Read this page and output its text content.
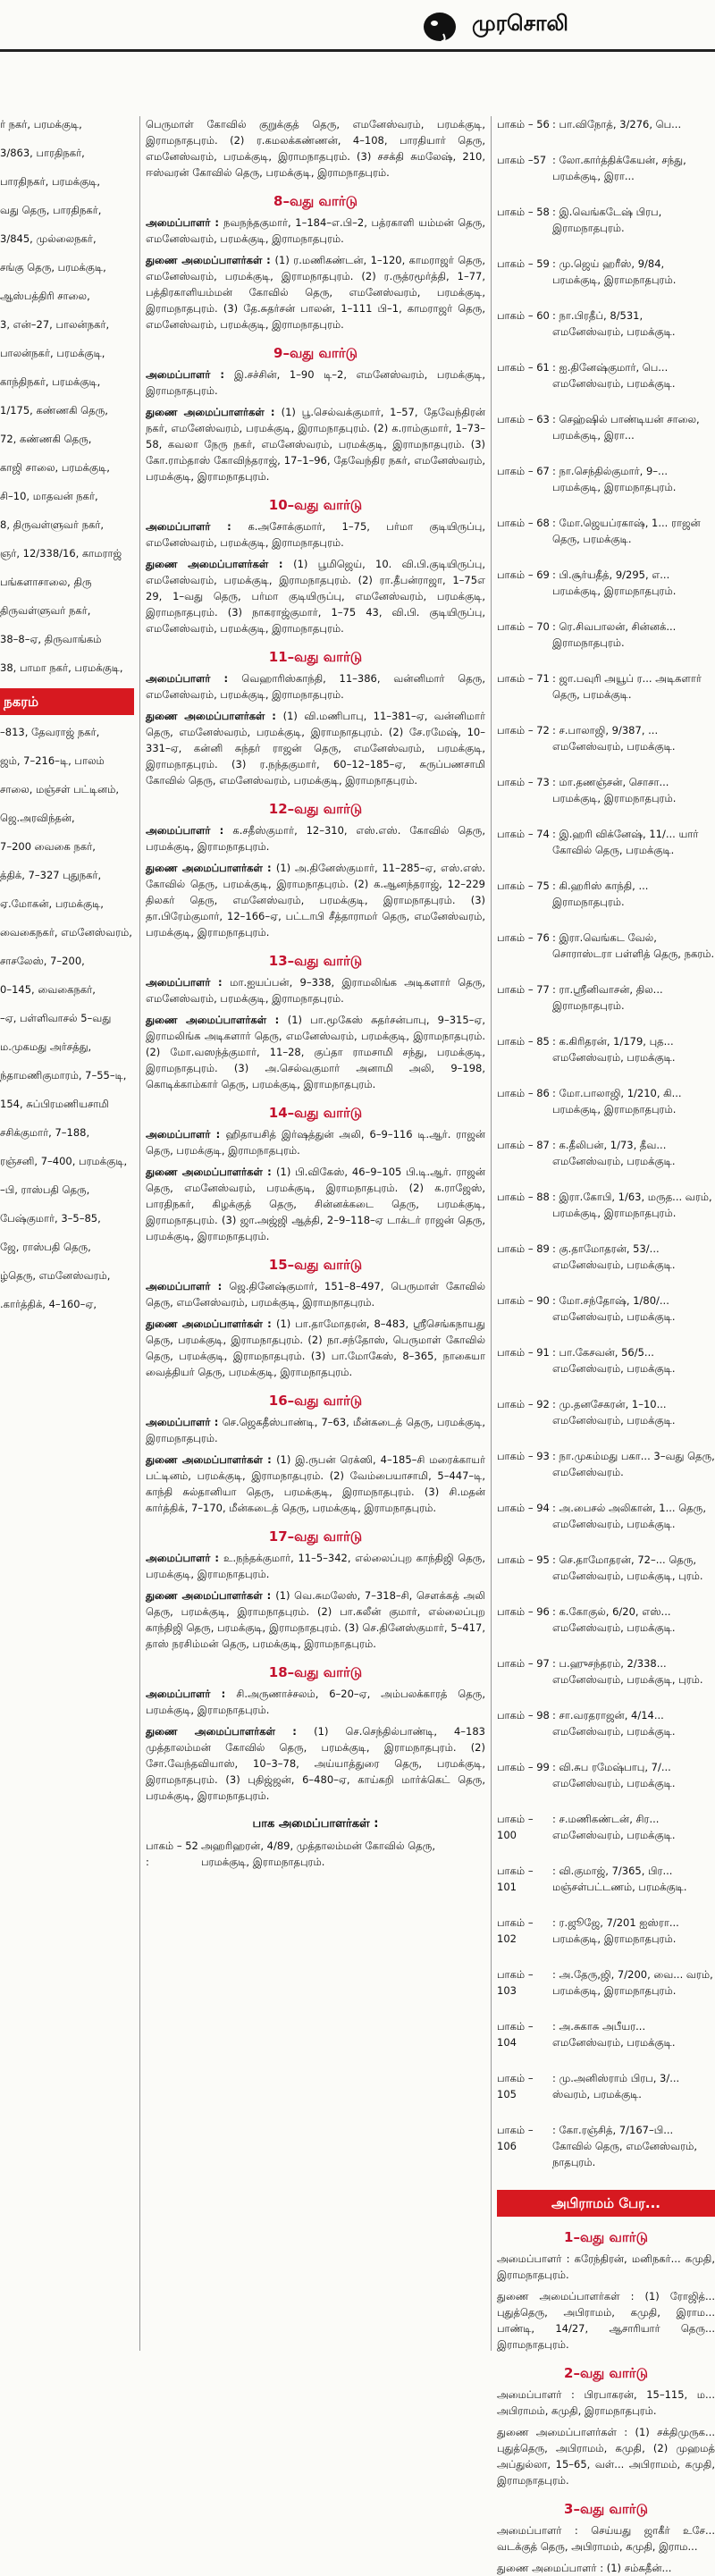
முரசொலி
ர் நகர், பரமக்குடி,
3/863, பாரதிநகர்,
பாரதிநகர், பரமக்குடி,
வது தெரு, பாரதிநகர்,
3/845, முல்லைநகர்,
சங்கு தெரு, பரமக்குடி,
ஆஸ்பத்திரி சாலை,
3, என்–27, பாலன்நகர்,
பாலன்நகர், பரமக்குடி,
காந்திநகர், பரமக்குடி,
1/175, கண்ணகி தெரு,
72, கண்ணகி தெரு,
காஜி சாலை, பரமக்குடி,
சி–10, மாதவன் நகர்,
8, திருவள்ளுவர் நகர்,
ஞர், 12/338/16, காமராஜ்
பங்களாசாலை, திரு
திருவள்ளுவர் நகர்,
38–8–ஏ, திருவாங்கம்
38, பாமா நகர், பரமக்குடி,
நகரம்
–813, தேவராஜ் நகர்,
ஜம், 7–216–டி, பாலம்
சாலை, மஞ்சள் பட்டினம்,
ஜெ.அரவிந்தன்,
7–200 வைகை நகர்,
த்திக், 7–327 புதுநகர்,
ஏ.மோகன், பரமக்குடி,
வைகைநகர், எமனேஸ்வரம்,
சாசலேஸ், 7–200,
0–145, வைகைநகர்,
–ஏ, பள்ளிவாசல் 5–வது
ம.முகமது அர்சத்து,
ந்தாமணிகுமாரம், 7–55–டி,
154, சுப்பிரமணியசாமி
சசிக்குமார், 7–188,
ரஞ்சனி, 7–400, பரமக்குடி,
–பி, ராஸ்பதி தெரு,
பேஷ்குமார், 3–5–85,
ஜே, ராஸ்பதி தெரு,
ழ்தெரு, எமனேஸ்வரம்,
.கார்த்திக், 4–160–ஏ,

பெருமாள் கோவில் குறுக்குத் தெரு, எமனேஸ்வரம், பரமக்குடி, இராமநாதபுரம். (2) ர.கமலக்கண்ணன், 4–108, பாரதியார் தெரு, எமனேஸ்வரம், பரமக்குடி, இராமநாதபுரம். (3) சசக்தி சுமலேஷ், 210, ஈஸ்வரன் கோவில் தெரு, பரமக்குடி, இராமநாதபுரம்.

8–வது வார்டு

அமைப்பாளர் : நவநந்தகுமார், 1–184–எ.பி–2, பத்ரகாளி யம்மன் தெரு, எமனேஸ்வரம், பரமக்குடி, இராமநாதபுரம்.

துணை அமைப்பாளர்கள் : (1) ர.மணிகண்டன், 1–120, காமராஜர் தெரு, எமனேஸ்வரம், பரமக்குடி, இராமநாதபுரம். (2) ர.ருத்ரமூர்த்தி, 1–77, பத்திரகாளியம்மன் கோவில் தெரு, எமனேஸ்வரம், பரமக்குடி, இராமநாதபுரம். (3) தே.சுதர்சன் பாலன், 1–111 பி–1, காமராஜர் தெரு, எமனேஸ்வரம், பரமக்குடி, இராமநாதபுரம்.

9–வது வார்டு

அமைப்பாளர் : இ.சச்சின், 1–90 டி–2, எமனேஸ்வரம், பரமக்குடி, இராமநாதபுரம்.

துணை அமைப்பாளர்கள் : (1) பூ.செல்வக்குமார், 1–57, தேவேந்திரன் நகர், எமனேஸ்வரம், பரமக்குடி, இராமநாதபுரம். (2) க.ராம்குமார், 1–73–58, கவலா நேரு நகர், எமனேஸ்வரம், பரமக்குடி, இராமநாதபுரம். (3) கோ.ராம்தாஸ் கோவிந்தராஜ், 17–1–96, தேவேந்திர நகர், எமனேஸ்வரம், பரமக்குடி, இராமநாதபுரம்.

10–வது வார்டு

அமைப்பாளர் : க.அசோக்குமார், 1–75, பர்மா குடியிருப்பு, எமனேஸ்வரம், பரமக்குடி, இராமநாதபுரம்.

துணை அமைப்பாளர்கள் : (1) பூமிஜெய், 10. வி.பி.குடியிருப்பு, எமனேஸ்வரம், பரமக்குடி, இராமநாதபுரம். (2) ரா.தீபன்ராஜா, 1–75எ 29, 1–வது தெரு, பர்மா குடியிருப்பு, எமனேஸ்வரம், பரமக்குடி, இராமநாதபுரம். (3) நாகராஜ்குமார், 1–75 43, வி.பி. குடியிருப்பு, எமனேஸ்வரம், பரமக்குடி, இராமநாதபுரம்.

11–வது வார்டு

அமைப்பாளர் : வெஹாரிஸ்காந்தி, 11–386, வன்னிமார் தெரு, எமனேஸ்வரம், பரமக்குடி, இராமநாதபுரம்.

துணை அமைப்பாளர்கள் : (1) வி.மணிபாபு, 11–381–ஏ, வன்னிமார் தெரு, எமனேஸ்வரம், பரமக்குடி, இராமநாதபுரம். (2) சே.ரமேஷ், 10–331–ஏ, கன்னி சுந்தர் ராஜன் தெரு, எமனேஸ்வரம், பரமக்குடி, இராமநாதபுரம். (3) ர.நந்தகுமார், 60–12–185–ஏ, சுருப்பணசாமி கோவில் தெரு, எமனேஸ்வரம், பரமக்குடி, இராமநாதபுரம்.

12–வது வார்டு

அமைப்பாளர் : க.சதீஸ்குமார், 12–310, எஸ்.எஸ். கோவில் தெரு, பரமக்குடி, இராமநாதபுரம்.

துணை அமைப்பாளர்கள் : (1) அ.தினேஸ்குமார், 11–285–ஏ, எஸ்.எஸ். கோவில் தெரு, பரமக்குடி, இராமநாதபுரம். (2) க.ஆனந்தராஜ், 12–229 திலகர் தெரு, எமனேஸ்வரம், பரமக்குடி, இராமநாதபுரம். (3) தா.பிரேம்குமார், 12–166–ஏ, பட்டாபி சீத்தாராமர் தெரு, எமனேஸ்வரம், பரமக்குடி, இராமநாதபுரம்.

13–வது வார்டு

அமைப்பாளர் : மா.ஐயப்பன், 9–338, இராமலிங்க அடிகளார் தெரு, எமனேஸ்வரம், பரமக்குடி, இராமநாதபுரம்.

துணை அமைப்பாளர்கள் : (1) பா.மூகேஸ் சுதர்சன்பாபு, 9–315–ஏ, இராமலிங்க அடிகளார் தெரு, எமனேஸ்வரம், பரமக்குடி, இராமநாதபுரம். (2) மோ.வஸந்த்குமார், 11–28, குப்தா ராமசாமி சந்து, பரமக்குடி, இராமநாதபுரம். (3) அ.செல்வகுமார் அனாமி அலி, 9–198, கொடிக்காம்கார் தெரு, பரமக்குடி, இராமநாதபுரம்.

14–வது வார்டு

அமைப்பாளர் : ஹிதாயசித் இர்ஷத்துன் அலி, 6–9–116 டி.ஆர். ராஜன் தெரு, பரமக்குடி, இராமநாதபுரம்.

துணை அமைப்பாளர்கள் : (1) பி.விகேஸ், 46–9–105 பி.டி.ஆர். ராஜன் தெரு, எமனேஸ்வரம், பரமக்குடி, இராமநாதபுரம். (2) க.ராஜேஸ், பாரதிநகர், கிழக்குத் தெரு, சின்னக்கடை தெரு, பரமக்குடி, இராமநாதபுரம். (3) ஜா.அஜ்ஜி ஆத்தி, 2–9–118–ஏ டாக்டர் ராஜன் தெரு, பரமக்குடி, இராமநாதபுரம்.

15–வது வார்டு

அமைப்பாளர் : ஜெ.தினேஷ்குமார், 151–8–497, பெருமாள் கோவில் தெரு, எமனேஸ்வரம், பரமக்குடி, இராமநாதபுரம்.

துணை அமைப்பாளர்கள் : (1) பா.தாமோதரன், 8–483, ஸ்ரீசெங்கநாயது தெரு, பரமக்குடி, இராமநாதபுரம். (2) நா.சந்தோஸ், பெருமாள் கோவில் தெரு, பரமக்குடி, இராமநாதபுரம். (3) பா.மோகேஸ், 8–365, நாகையா வைத்தியர் தெரு, பரமக்குடி, இராமநாதபுரம்.

16–வது வார்டு

அமைப்பாளர் : செ.ஜெகதீஸ்பாண்டி, 7–63, மீன்கடைத் தெரு, பரமக்குடி, இராமநாதபுரம்.

துணை அமைப்பாளர்கள் : (1) இ.ருபன் ரெக்ஸி, 4–185–சி மரைக்காயர் பட்டினம், பரமக்குடி, இராமநாதபுரம். (2) வேம்பையாசாமி, 5–447–டி, காந்தி சுல்தானியா தெரு, பரமக்குடி, இராமநாதபுரம். (3) சி.மதன் கார்த்திக், 7–170, மீன்கடைத் தெரு, பரமக்குடி, இராமநாதபுரம்.

17–வது வார்டு

அமைப்பாளர் : உ.நந்தக்குமார், 11–5–342, எல்லைப்புற காந்திஜி தெரு, பரமக்குடி, இராமநாதபுரம்.

துணை அமைப்பாளர்கள் : (1) வெ.சுமலேஸ், 7–318–சி, சௌக்கத் அலி தெரு, பரமக்குடி, இராமநாதபுரம். (2) பா.கலீன் குமார், எல்லைப்புற காந்திஜி தெரு, பரமக்குடி, இராமநாதபுரம். (3) செ.தினேஸ்குமார், 5–417, தாஸ் நரசிம்மன் தெரு, பரமக்குடி, இராமநாதபுரம்.

18–வது வார்டு

அமைப்பாளர் : சி.அருணாச்சலம், 6–20–ஏ, அம்பலக்காரத் தெரு, பரமக்குடி, இராமநாதபுரம்.

துணை அமைப்பாளர்கள் : (1) செ.செந்தில்பாண்டி, 4–183 முத்தாலம்மன் கோவில் தெரு, பரமக்குடி, இராமநாதபுரம். (2) சோ.வேந்தவியாஸ், 10–3–78, அய்யாத்துரை தெரு, பரமக்குடி, இராமநாதபுரம். (3) புதிஜ்ஜன், 6–480–ஏ, காய்கறி மார்க்கெட் தெரு, பரமக்குடி, இராமநாதபுரம்.

பாக அமைப்பாளர்கள் :
பாகம் – 52 :
அஹரிஹரன், 4/89, முத்தாலம்மன் கோவில் தெரு, பரமக்குடி, இராமநாதபுரம்.
பாகம் – 56 : பா.விநோத், 3/276, பெ...
பாகம் –57 : லோ.கார்த்திக்கேயன், சந்து, பரமக்குடி, இரா...
பாகம் – 58 : இ.வெங்கடேஷ் பிரப, இராமநாதபுரம்.
பாகம் – 59 : மு.ஜெய் ஹரீஸ், 9/84, பரமக்குடி, இராமநாதபுரம்.
பாகம் – 60 : நா.பிரதீப், 8/531, எமனேஸ்வரம், பரமக்குடி.
பாகம் – 61 : ஐ.தினேஷ்குமார், பெ... எமனேஸ்வரம், பரமக்குடி.
பாகம் – 63 : செஹ்ஷில் பாண்டியன் சாலை, பரமக்குடி, இரா...
பாகம் – 67 : நா.செந்தில்குமார், 9–... பரமக்குடி, இராமநாதபுரம்.
பாகம் – 68 : மோ.ஜெயப்ரகாஷ், 1... ராஜன் தெரு, பரமக்குடி.
பாகம் – 69 : பி.சூர்யதீத், 9/295, எ... பரமக்குடி, இராமநாதபுரம்.
பாகம் – 70 : ரெ.சிவபாலன், சின்னக்... இராமநாதபுரம்.
பாகம் – 71 : ஜா.பவுரி அயூப் ர... அடிகளார் தெரு, பரமக்குடி.
பாகம் – 72 : ச.பாலாஜி, 9/387, ... எமனேஸ்வரம், பரமக்குடி.
பாகம் – 73 : மா.தணஞ்சன், சொசா... பரமக்குடி, இராமநாதபுரம்.
பாகம் – 74 : இ.ஹரி விக்னேஷ், 11/... யார் கோவில் தெரு, பரமக்குடி.
பாகம் – 75 : கி.ஹரிஸ் காந்தி, ... இராமநாதபுரம்.
பாகம் – 76 : இரா.வெங்கட வேல், சொராஸ்டரா பள்ளித் தெரு, நகரம்.
பாகம் – 77 : ரா.ஸ்ரீனிவாசன், தில... இராமநாதபுரம்.
பாகம் – 85 : க.கிரிதரன், 1/179, புத... எமனேஸ்வரம், பரமக்குடி.
பாகம் – 86 : மோ.பாலாஜி, 1/210, கி... பரமக்குடி, இராமநாதபுரம்.
பாகம் – 87 : க.தீலிபன், 1/73, தீவ... எமனேஸ்வரம், பரமக்குடி.
பாகம் – 88 : இரா.கோபி, 1/63, மருத... வரம், பரமக்குடி, இராமநாதபுரம்.
பாகம் – 89 : கு.தாமோதரன், 53/... எமனேஸ்வரம், பரமக்குடி.
பாகம் – 90 : மோ.சந்தோஷ், 1/80/... எமனேஸ்வரம், பரமக்குடி.
பாகம் – 91 : பா.கேசவன், 56/5... எமனேஸ்வரம், பரமக்குடி.
பாகம் – 92 : மு.தனசேகரன், 1–10... எமனேஸ்வரம், பரமக்குடி.
பாகம் – 93 : நா.முகம்மது பகா... 3–வது தெரு, எமனேஸ்வரம்.
பாகம் – 94 : அ.பைசல் அலிகான், 1... தெரு, எமனேஸ்வரம், பரமக்குடி.
பாகம் – 95 : செ.தாமோதரன், 72–... தெரு, எமனேஸ்வரம், பரமக்குடி, புரம்.
பாகம் – 96 : க.கோகுல், 6/20, எஸ்... எமனேஸ்வரம், பரமக்குடி.
பாகம் – 97 : ப.ஹுசந்தரம், 2/338... எமனேஸ்வரம், பரமக்குடி, புரம்.
பாகம் – 98 : சா.வரதராஜன், 4/14... எமனேஸ்வரம், பரமக்குடி.
பாகம் – 99 : வி.சுப ரமேஷ்பாபு, 7/... எமனேஸ்வரம், பரமக்குடி.
பாகம் – 100
: ச.மணிகண்டன், சிர... எமனேஸ்வரம், பரமக்குடி.
பாகம் – 101
: வி.குமாஜ், 7/365, பிர... மஞ்சள்பட்டணம், பரமக்குடி.
பாகம் – 102
: ர.ஜூஜே, 7/201 ஐஸ்ரா... பரமக்குடி, இராமநாதபுரம்.
பாகம் – 103
: அ.தேரு,ஜி, 7/200, வை... வரம், பரமக்குடி, இராமநாதபுரம்.
பாகம் – 104
: அ.சுகாசு அபீயர... எமனேஸ்வரம், பரமக்குடி.
பாகம் – 105
: மு.அனிஸ்ராம் பிரப, 3/... ஸ்வரம், பரமக்குடி.
பாகம் – 106
: கோ.ரஞ்சித், 7/167–பி... கோவில் தெரு, எமனேஸ்வரம், நாதபுரம்.
அபிராமம் பேர...
1–வது வார்டு

அமைப்பாளர் : கரேந்திரன், மனிநகர்... கமுதி, இராமநாதபுரம்.

துணை அமைப்பாளர்கள் : (1) ரோஜித்... புதுத்தெரு, அபிராமம், கமுதி, இராம... பாண்டி, 14/27, ஆசாரியார் தெரு... இராமநாதபுரம்.

2–வது வார்டு

அமைப்பாளர் : பிரபாகரன், 15–115, ம... அபிராமம், கமுதி, இராமநாதபுரம்.

துணை அமைப்பாளர்கள் : (1) சக்திமுருக... புதுத்தெரு, அபிராமம், கமுதி, (2) முஹமத் அப்துல்லா, 15–65, வள்... அபிராமம், கமுதி, இராமநாதபுரம்.

3–வது வார்டு

அமைப்பாளர் : செய்யது ஜாகீர் உசே... வடக்குத் தெரு, அபிராமம், கமுதி, இராம...

துணை அமைப்பாளர் : (1) சம்சுதீன்...
